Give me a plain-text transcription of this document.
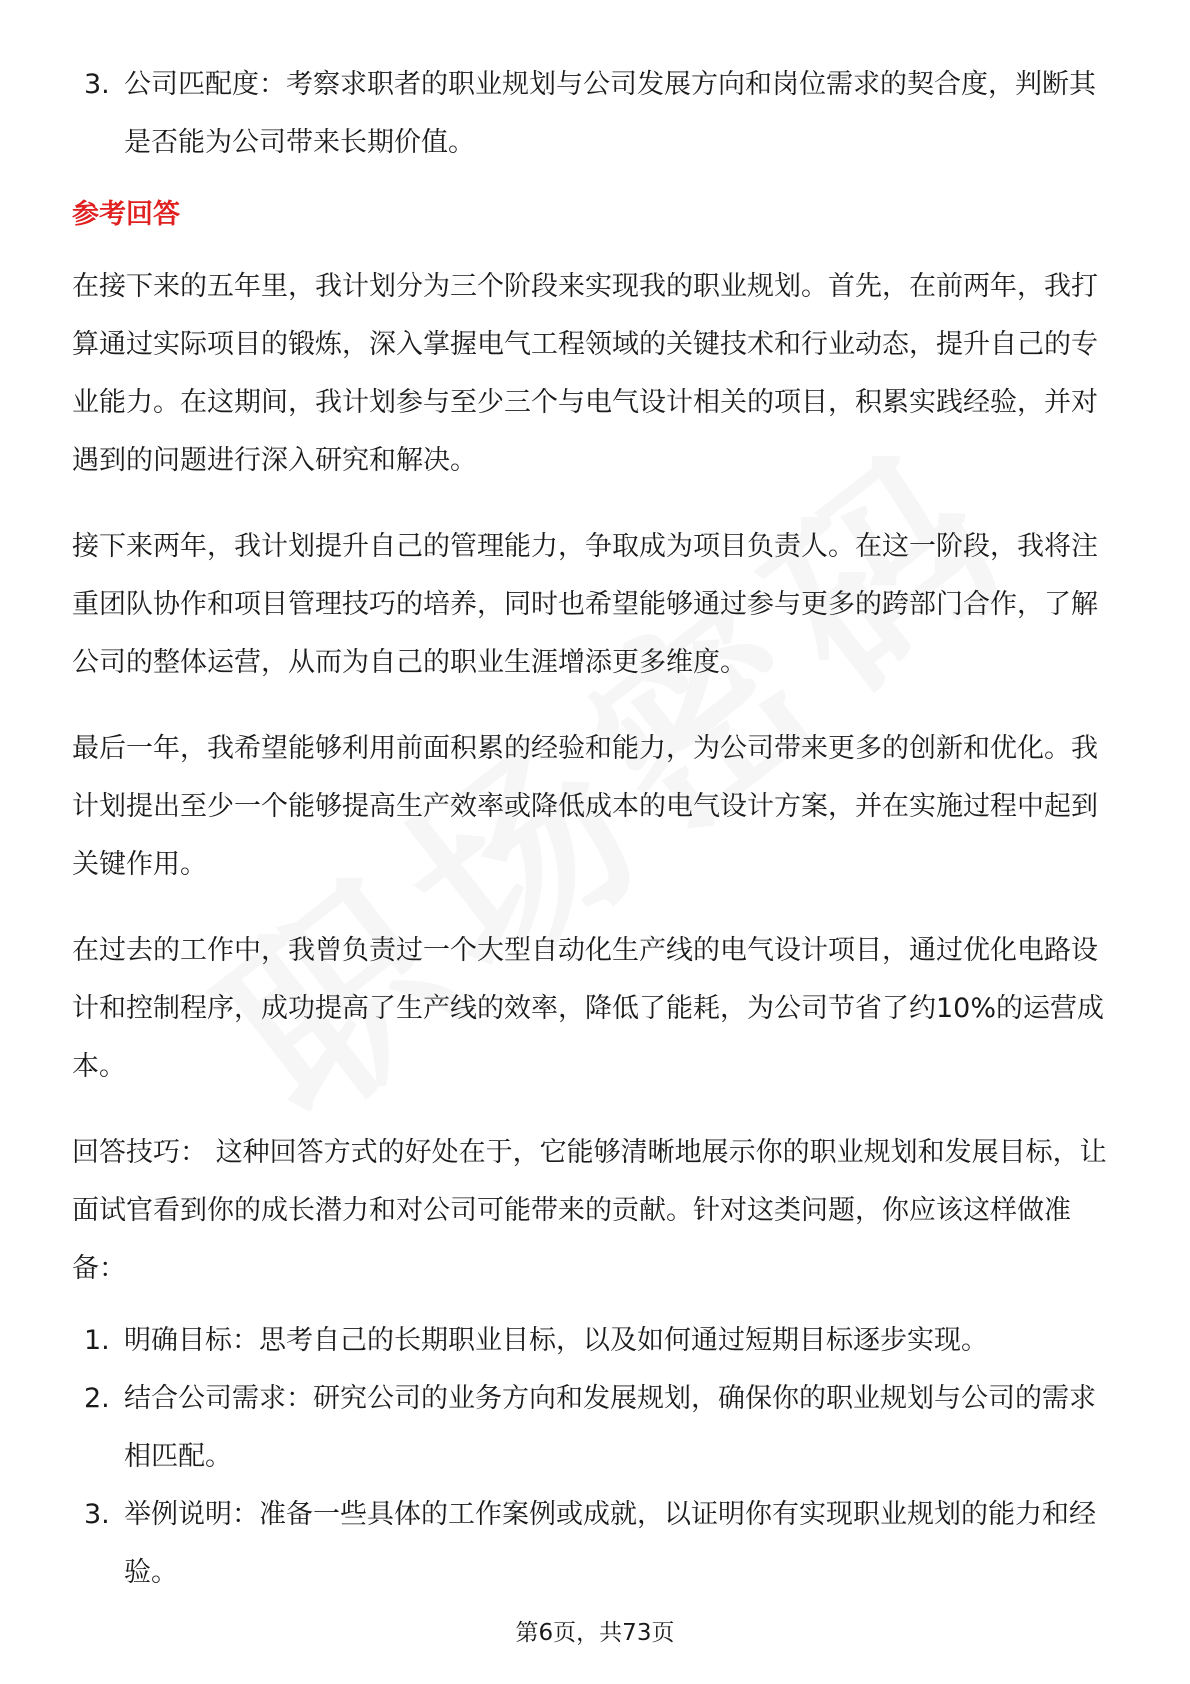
3. 公司匹配度：考察求职者的职业规划与公司发展方向和岗位需求的契合度，判断其是否能为公司带来长期价值。
参考回答

在接下来的五年里，我计划分为三个阶段来实现我的职业规划。首先，在前两年，我打算通过实际项目的锻炼，深入掌握电气工程领域的关键技术和行业动态，提升自己的专业能力。在这期间，我计划参与至少三个与电气设计相关的项目，积累实践经验，并对遇到的问题进行深入研究和解决。

接下来两年，我计划提升自己的管理能力，争取成为项目负责人。在这一阶段，我将注重团队协作和项目管理技巧的培养，同时也希望能够通过参与更多的跨部门合作，了解公司的整体运营，从而为自己的职业生涯增添更多维度。

最后一年，我希望能够利用前面积累的经验和能力，为公司带来更多的创新和优化。我计划提出至少一个能够提高生产效率或降低成本的电气设计方案，并在实施过程中起到关键作用。

在过去的工作中，我曾负责过一个大型自动化生产线的电气设计项目，通过优化电路设计和控制程序，成功提高了生产线的效率，降低了能耗，为公司节省了约10%的运营成本。

回答技巧： 这种回答方式的好处在于，它能够清晰地展示你的职业规划和发展目标，让面试官看到你的成长潜力和对公司可能带来的贡献。针对这类问题，你应该这样做准备：

1. 明确目标：思考自己的长期职业目标，以及如何通过短期目标逐步实现。
2. 结合公司需求：研究公司的业务方向和发展规划，确保你的职业规划与公司的需求相匹配。
3. 举例说明：准备一些具体的工作案例或成就，以证明你有实现职业规划的能力和经验。
第6页，共73页
